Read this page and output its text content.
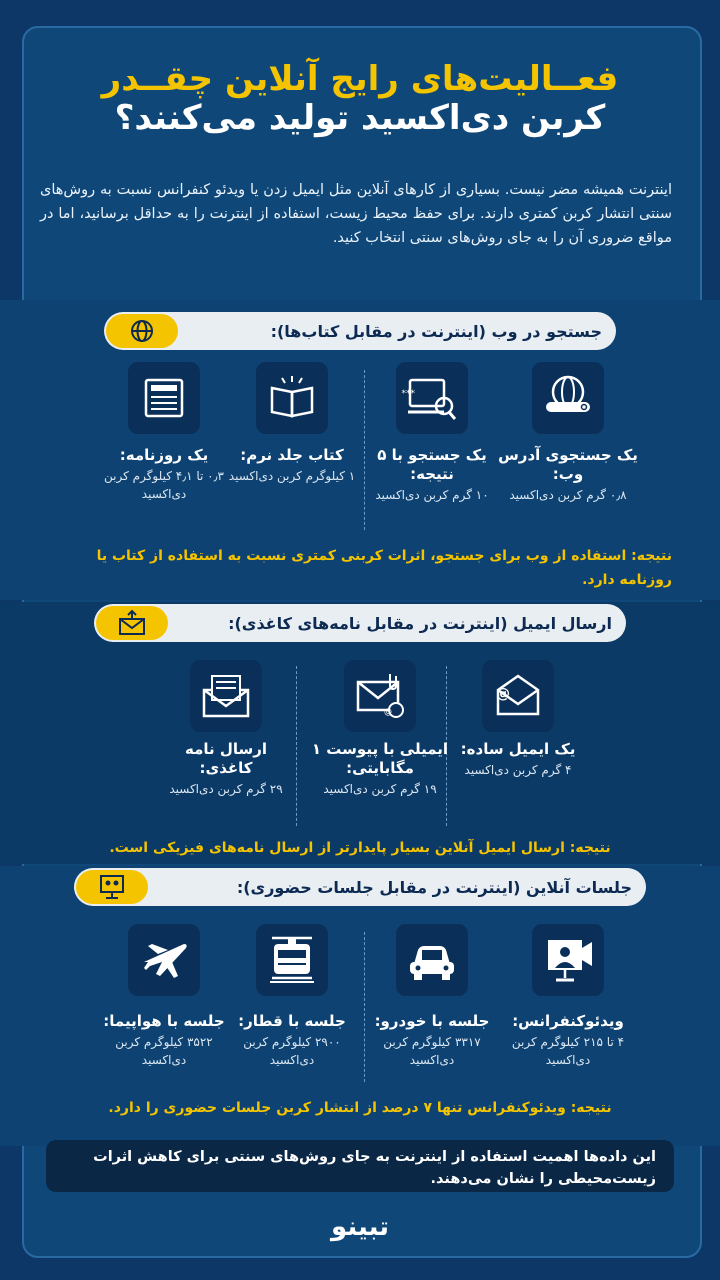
فعــالیت‌های رایج آنلاین چقــدر
کربن دی‌اکسید تولید می‌کنند؟
اینترنت همیشه مضر نیست. بسیاری از کارهای آنلاین مثل ایمیل زدن یا ویدئو کنفرانس نسبت به روش‌های سنتی انتشار کربن کمتری دارند. برای حفظ محیط زیست، استفاده از اینترنت را به حداقل برسانید، اما در مواقع ضروری آن را به جای روش‌های سنتی انتخاب کنید.
جستجو در وب (اینترنت در مقابل کتاب‌ها):
***
یک جستجوی آدرس وب:
۰٫۸ گرم کربن دی‌اکسید
یک جستجو با ۵ نتیجه:
۱۰ گرم کربن دی‌اکسید
کتاب جلد نرم:
۱ کیلوگرم کربن دی‌اکسید
یک روزنامه:
۰٫۳ تا ۴٫۱ کیلوگرم کربن دی‌اکسید
نتیجه: استفاده از وب برای جستجو، اثرات کربنی کمتری نسبت به استفاده از کتاب یا روزنامه دارد.
ارسال ایمیل (اینترنت در مقابل نامه‌های کاغذی):
@
@
یک ایمیل ساده:
۴ گرم کربن دی‌اکسید
ایمیلی با پیوست ۱ مگابایتی:
۱۹ گرم کربن دی‌اکسید
ارسال نامه کاغذی:
۲۹ گرم کربن دی‌اکسید
نتیجه: ارسال ایمیل آنلاین بسیار پایدارتر از ارسال نامه‌های فیزیکی است.
جلسات آنلاین (اینترنت در مقابل جلسات حضوری):
ویدئوکنفرانس:
۴ تا ۲۱۵ کیلوگرم کربن دی‌اکسید
جلسه با خودرو:
۳۳۱۷ کیلوگرم کربن دی‌اکسید
جلسه با قطار:
۲۹۰۰ کیلوگرم کربن دی‌اکسید
جلسه با هواپیما:
۳۵۲۲ کیلوگرم کربن دی‌اکسید
نتیجه: ویدئوکنفرانس تنها ۷ درصد از انتشار کربن جلسات حضوری را دارد.
این داده‌ها اهمیت استفاده از اینترنت به جای روش‌های سنتی برای کاهش اثرات زیست‌محیطی را نشان می‌دهند.
تبینو
